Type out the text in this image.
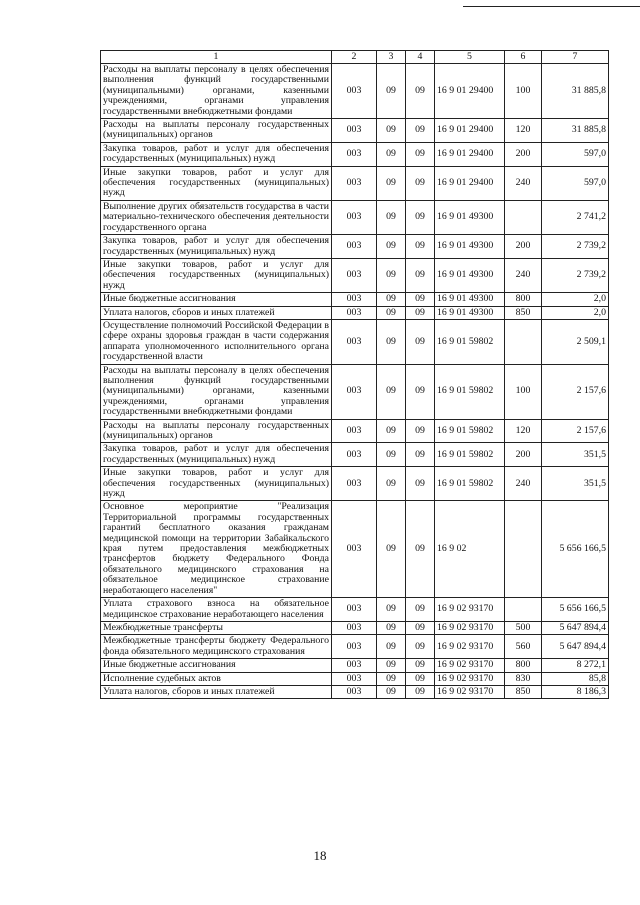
1	2	3	4	5	6	7
Расходы на выплаты персоналу в целях обеспечения выполнения функций государственными (муниципальными) органами, казенными учреждениями, органами управления государственными внебюджетными фондами	003	09	09	16 9 01 29400	100	31 885,8
Расходы на выплаты персоналу государственных (муниципальных) органов	003	09	09	16 9 01 29400	120	31 885,8
Закупка товаров, работ и услуг для обеспечения государственных (муниципальных) нужд	003	09	09	16 9 01 29400	200	597,0
Иные закупки товаров, работ и услуг для обеспечения государственных (муниципальных) нужд	003	09	09	16 9 01 29400	240	597,0
Выполнение других обязательств государства в части материально-технического обеспечения деятельности государственного органа	003	09	09	16 9 01 49300		2 741,2
Закупка товаров, работ и услуг для обеспечения государственных (муниципальных) нужд	003	09	09	16 9 01 49300	200	2 739,2
Иные закупки товаров, работ и услуг для обеспечения государственных (муниципальных) нужд	003	09	09	16 9 01 49300	240	2 739,2
Иные бюджетные ассигнования	003	09	09	16 9 01 49300	800	2,0
Уплата налогов, сборов и иных платежей	003	09	09	16 9 01 49300	850	2,0
Осуществление полномочий Российской Федерации в сфере охраны здоровья граждан в части содержания аппарата уполномоченного исполнительного органа государственной власти	003	09	09	16 9 01 59802		2 509,1
Расходы на выплаты персоналу в целях обеспечения выполнения функций государственными (муниципальными) органами, казенными учреждениями, органами управления государственными внебюджетными фондами	003	09	09	16 9 01 59802	100	2 157,6
Расходы на выплаты персоналу государственных (муниципальных) органов	003	09	09	16 9 01 59802	120	2 157,6
Закупка товаров, работ и услуг для обеспечения государственных (муниципальных) нужд	003	09	09	16 9 01 59802	200	351,5
Иные закупки товаров, работ и услуг для обеспечения государственных (муниципальных) нужд	003	09	09	16 9 01 59802	240	351,5
Основное мероприятие "Реализация Территориальной программы государственных гарантий бесплатного оказания гражданам медицинской помощи на территории Забайкальского края путем предоставления межбюджетных трансфертов бюджету Федерального Фонда обязательного медицинского страхования на обязательное медицинское страхование неработающего населения"	003	09	09	16 9 02		5 656 166,5
Уплата страхового взноса на обязательное медицинское страхование неработающего населения	003	09	09	16 9 02 93170		5 656 166,5
Межбюджетные трансферты	003	09	09	16 9 02 93170	500	5 647 894,4
Межбюджетные трансферты бюджету Федерального фонда обязательного медицинского страхования	003	09	09	16 9 02 93170	560	5 647 894,4
Иные бюджетные ассигнования	003	09	09	16 9 02 93170	800	8 272,1
Исполнение судебных актов	003	09	09	16 9 02 93170	830	85,8
Уплата налогов, сборов и иных платежей	003	09	09	16 9 02 93170	850	8 186,3
18
